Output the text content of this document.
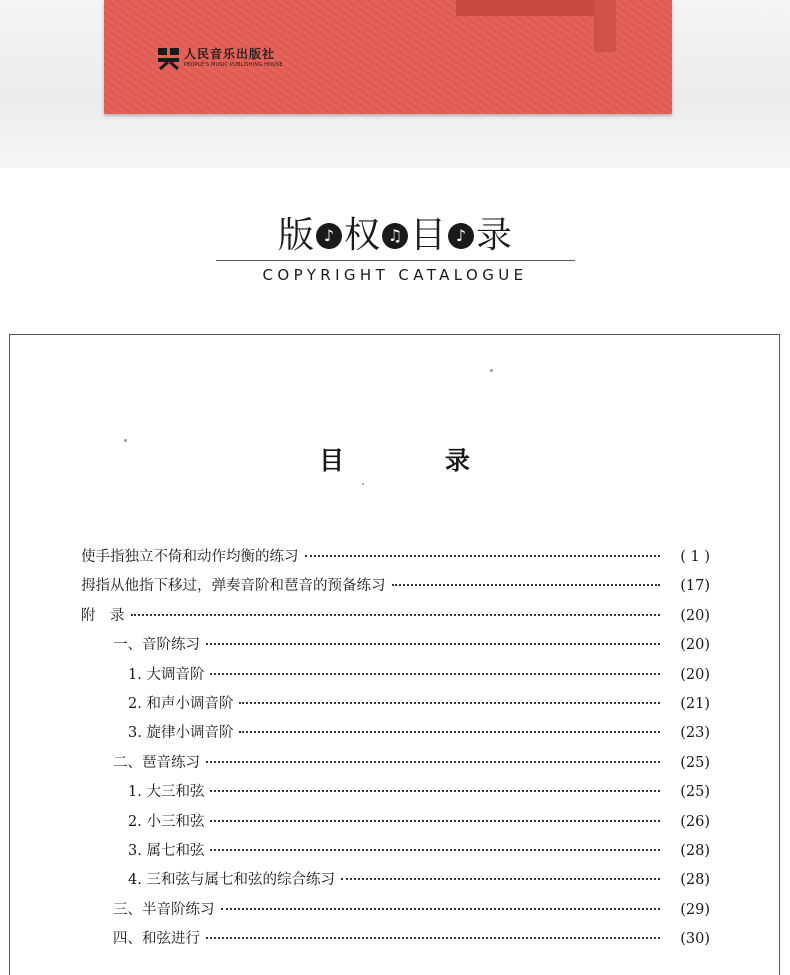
人民音乐出版社
PEOPLE'S MUSIC PUBLISHING HOUSE
版 ♪ 权 ♫ 目 ♪ 录
COPYRIGHT CATALOGUE
目	录
使手指独立不倚和动作均衡的练习	( 1 )
拇指从他指下移过，弹奏音阶和琶音的预备练习	(17)
附　录	(20)
一、音阶练习	(20)
1. 大调音阶	(20)
2. 和声小调音阶	(21)
3. 旋律小调音阶	(23)
二、琶音练习	(25)
1. 大三和弦	(25)
2. 小三和弦	(26)
3. 属七和弦	(28)
4. 三和弦与属七和弦的综合练习	(28)
三、半音阶练习	(29)
四、和弦进行	(30)
